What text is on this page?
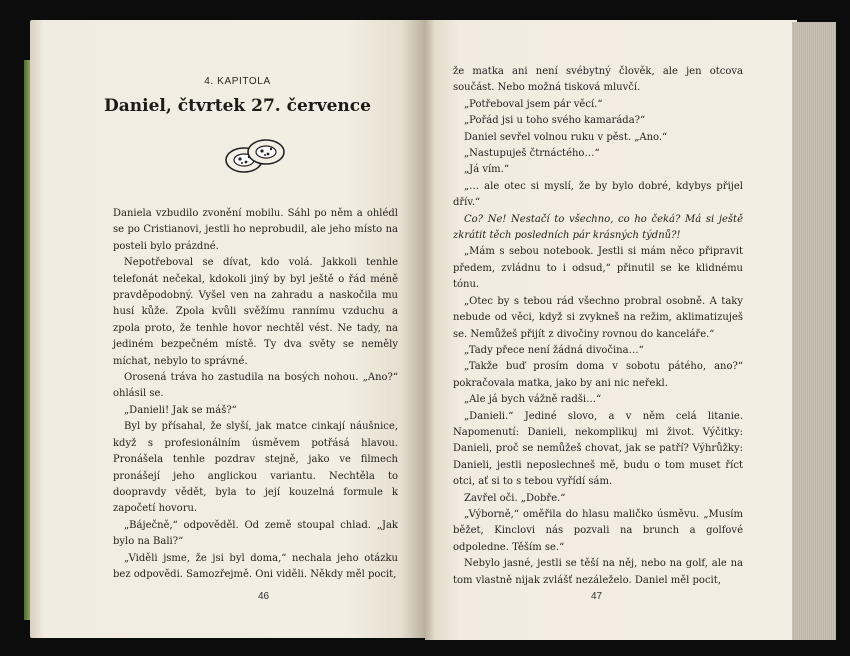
4. KAPITOLA
Daniel, čtvrtek 27. července

Daniela vzbudilo zvonění mobilu. Sáhl po něm a ohlédl se po Cristianovi, jestli ho neprobudil, ale jeho místo na posteli bylo prázdné.

Nepotřeboval se dívat, kdo volá. Jakkoli tenhle telefonát nečekal, kdokoli jiný by byl ještě o řád méně pravděpodobný. Vyšel ven na zahradu a naskočila mu husí kůže. Zpola kvůli svěžímu rannímu vzduchu a zpola proto, že tenhle hovor nechtěl vést. Ne tady, na jediném bezpečném místě. Ty dva světy se neměly míchat, nebylo to správné.

Orosená tráva ho zastudila na bosých nohou. „Ano?“ ohlásil se.

„Danieli! Jak se máš?“

Byl by přísahal, že slyší, jak matce cinkají náušnice, když s profesionálním úsměvem potřásá hlavou. Pronášela tenhle pozdrav stejně, jako ve filmech pronášejí jeho anglickou variantu. Nechtěla to doopravdy vědět, byla to její kouzelná formule k započetí hovoru.

„Báječně,“ odpověděl. Od země stoupal chlad. „Jak bylo na Bali?“

„Viděli jsme, že jsi byl doma,“ nechala jeho otázku bez odpovědi. Samozřejmě. Oni viděli. Někdy měl pocit,

46

že matka ani není svébytný člověk, ale jen otcova součást. Nebo možná tisková mluvčí.

„Potřeboval jsem pár věcí.“

„Pořád jsi u toho svého kamaráda?“

Daniel sevřel volnou ruku v pěst. „Ano.“

„Nastupuješ čtrnáctého…“

„Já vím.“

„… ale otec si myslí, že by bylo dobré, kdybys přijel dřív.“

Co? Ne! Nestačí to všechno, co ho čeká? Má si ještě zkrátit těch posledních pár krásných týdnů?!

„Mám s sebou notebook. Jestli si mám něco připravit předem, zvládnu to i odsud,“ přinutil se ke klidnému tónu.

„Otec by s tebou rád všechno probral osobně. A taky nebude od věci, když si zvykneš na režim, aklimatizuješ se. Nemůžeš přijít z divočiny rovnou do kanceláře.“

„Tady přece není žádná divočina…“

„Takže buď prosím doma v sobotu pátého, ano?“ pokračovala matka, jako by ani nic neřekl.

„Ale já bych vážně radši…“

„Danieli.“ Jediné slovo, a v něm celá litanie. Napomenutí: Danieli, nekomplikuj mi život. Výčitky: Danieli, proč se nemůžeš chovat, jak se patří? Výhrůžky: Danieli, jestli neposlechneš mě, budu o tom muset říct otci, ať si to s tebou vyřídí sám.

Zavřel oči. „Dobře.“

„Výborně,“ oměřila do hlasu maličko úsměvu. „Musím běžet, Kinclovi nás pozvali na brunch a golfové odpoledne. Těším se.“

Nebylo jasné, jestli se těší na něj, nebo na golf, ale na tom vlastně nijak zvlášť nezáleželo. Daniel měl pocit,

47
